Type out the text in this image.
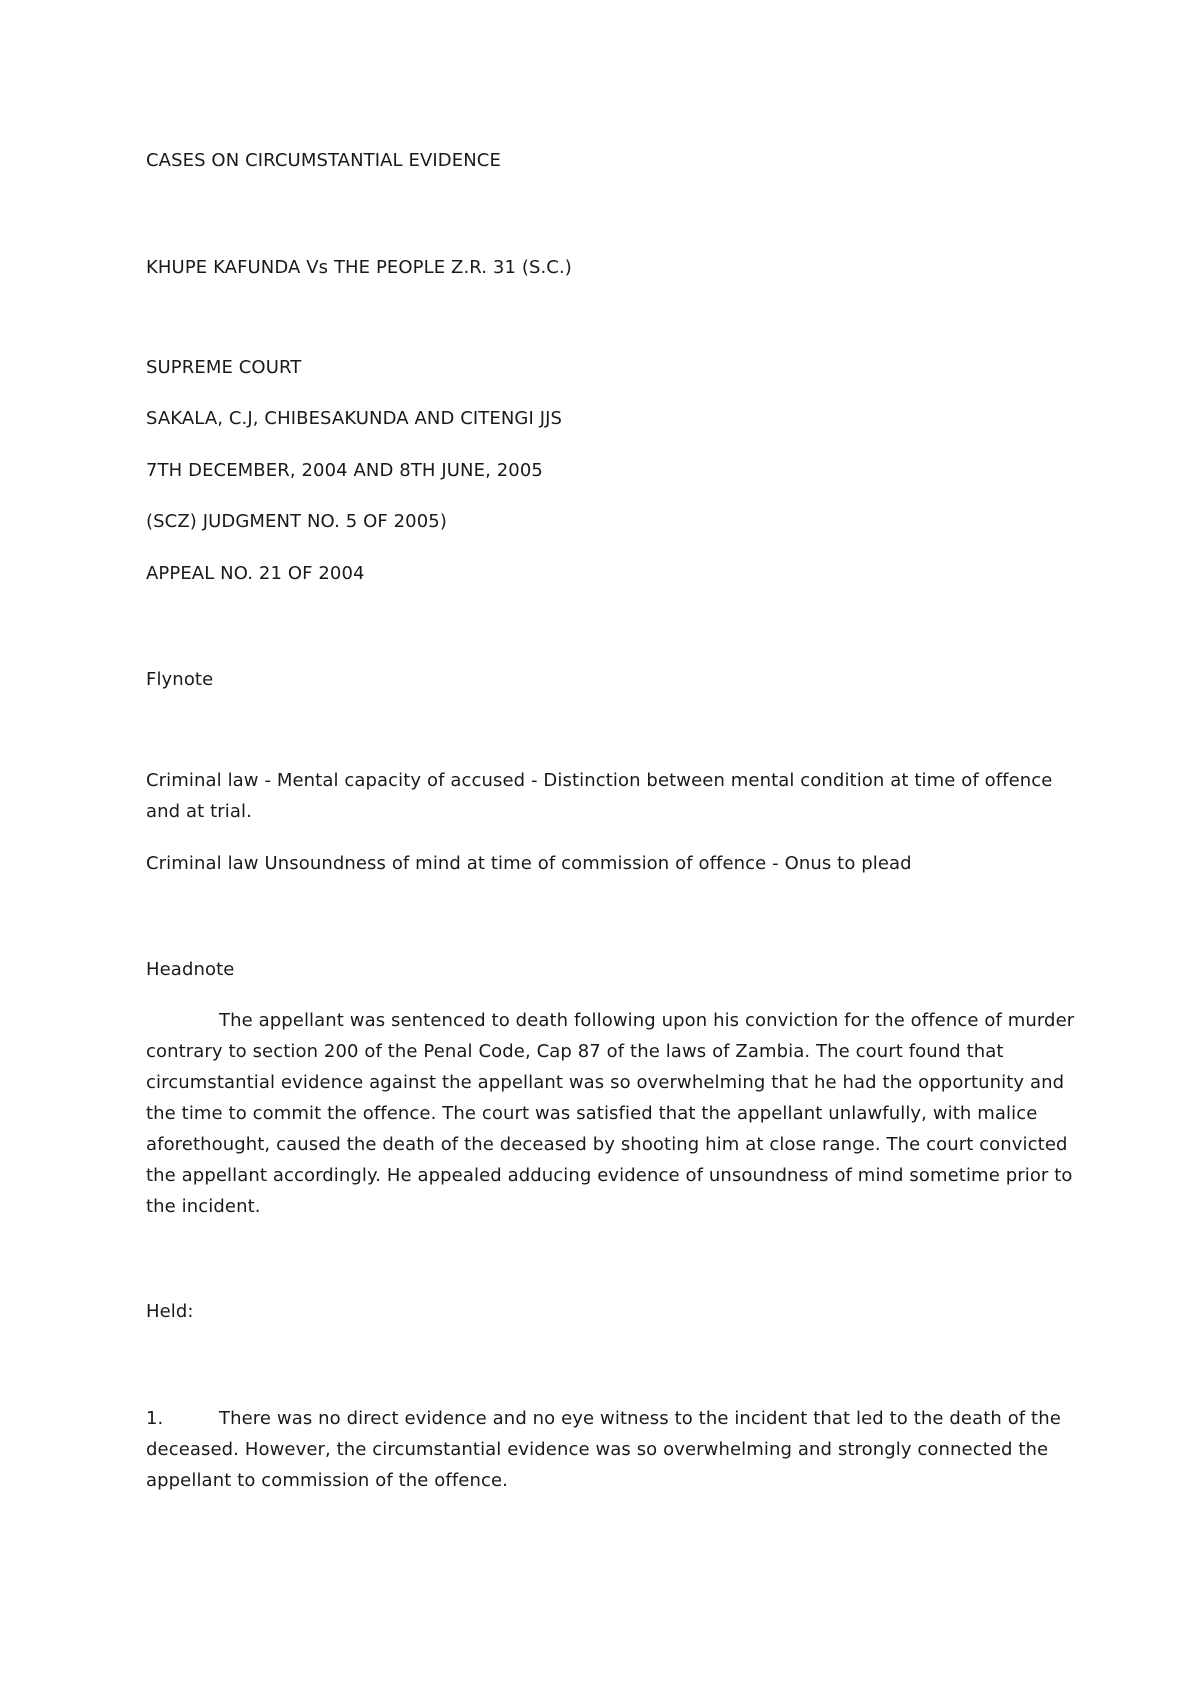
CASES ON CIRCUMSTANTIAL EVIDENCE
KHUPE KAFUNDA Vs THE PEOPLE Z.R. 31 (S.C.)
SUPREME COURT
SAKALA, C.J, CHIBESAKUNDA AND CITENGI JJS
7TH DECEMBER, 2004 AND 8TH JUNE, 2005
(SCZ) JUDGMENT NO. 5 OF 2005)
APPEAL NO. 21 OF 2004
Flynote
Criminal law - Mental capacity of accused - Distinction between mental condition at time of offence and at trial.
Criminal law Unsoundness of mind at time of commission of offence - Onus to plead
Headnote
The appellant was sentenced to death following upon his conviction for the offence of murder contrary to section 200 of the Penal Code, Cap 87 of the laws of Zambia. The court found that circumstantial evidence against the appellant was so overwhelming that he had the opportunity and the time to commit the offence. The court was satisfied that the appellant unlawfully, with malice aforethought, caused the death of the deceased by shooting him at close range. The court convicted the appellant accordingly. He appealed adducing evidence of unsoundness of mind sometime prior to the incident.
Held:
1.	There was no direct evidence and no eye witness to the incident that led to the death of the deceased. However, the circumstantial evidence was so overwhelming and strongly connected the appellant to commission of the offence.
